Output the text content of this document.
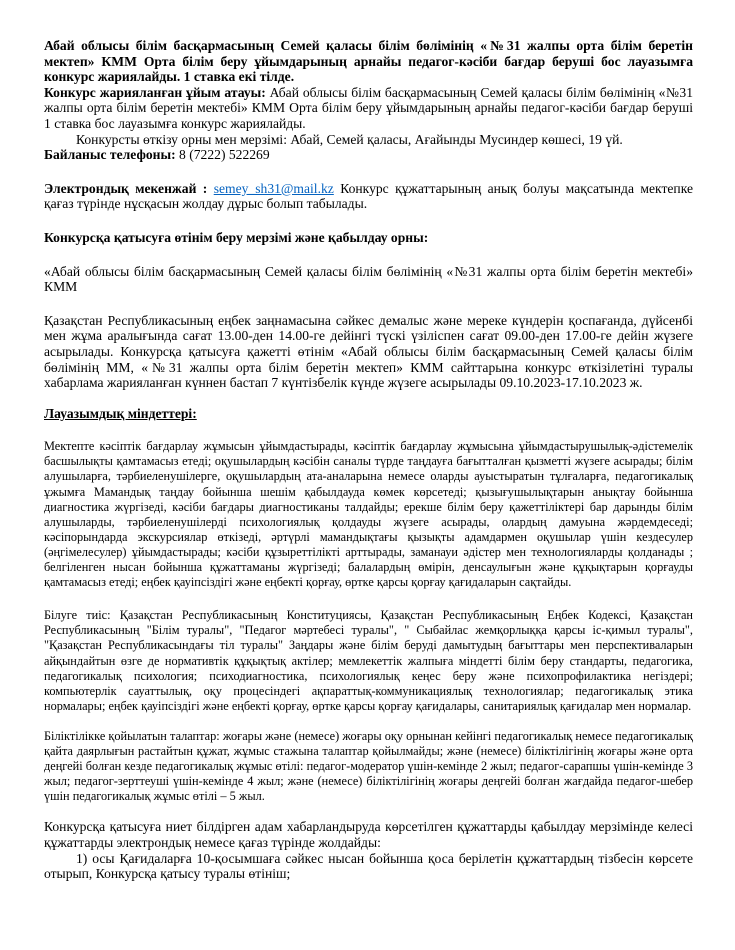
Абай облысы білім басқармасының Семей қаласы білім бөлімінің «№31 жалпы орта білім беретін мектеп» КММ Орта білім беру ұйымдарының арнайы педагог-кәсіби бағдар беруші бос лауазымға конкурс жариялайды. 1 ставка екі тілде.

Конкурс жарияланған ұйым атауы: Абай облысы білім басқармасының Семей қаласы білім бөлімінің «№31 жалпы орта білім беретін мектебі» КММ Орта білім беру ұйымдарының арнайы педагог-кәсіби бағдар беруші 1 ставка бос лауазымға конкурс жариялайды.

Конкурсты өткізу орны мен мерзімі: Абай, Семей қаласы, Ағайынды Мусиндер көшесі, 19 үй.

Байланыс телефоны: 8 (7222) 522269

Электрондық мекенжай : semey_sh31@mail.kz Конкурс құжаттарының анық болуы мақсатында мектепке қағаз түрінде нұсқасын жолдау дұрыс болып табылады.

Конкурсқа қатысуға өтінім беру мерзімі және қабылдау орны:

«Абай облысы білім басқармасының Семей қаласы білім бөлімінің «№31 жалпы орта білім беретін мектебі» КММ

Қазақстан Республикасының еңбек заңнамасына сәйкес демалыс және мереке күндерін қоспағанда, дүйсенбі мен жұма аралығында сағат 13.00-ден 14.00-ге дейінгі түскі үзіліспен сағат 09.00-ден 17.00-ге дейін жүзеге асырылады. Конкурсқа қатысуға қажетті өтінім «Абай облысы білім басқармасының Семей қаласы білім бөлімінің ММ, «№31 жалпы орта білім беретін мектеп» КММ сайттарына конкурс өткізілетіні туралы хабарлама жарияланған күннен бастап 7 күнтізбелік күнде жүзеге асырылады 09.10.2023-17.10.2023 ж.

Лауазымдық міндеттері:

Мектепте кәсіптік бағдарлау жұмысын ұйымдастырады, кәсіптік бағдарлау жұмысына ұйымдастырушылық-әдістемелік басшылықты қамтамасыз етеді; оқушылардың кәсібін саналы түрде таңдауға бағытталған қызметті жүзеге асырады; білім алушыларға, тәрбиеленушілерге, оқушылардың ата-аналарына немесе оларды ауыстыратын тұлғаларға, педагогикалық ұжымға Мамандық таңдау бойынша шешім қабылдауда көмек көрсетеді; қызығушылықтарын анықтау бойынша диагностика жүргізеді, кәсіби бағдары диагностиканы талдайды; ерекше білім беру қажеттіліктері бар дарынды білім алушыларды, тәрбиеленушілерді психологиялық қолдауды жүзеге асырады, олардың дамуына жәрдемдеседі; кәсіпорындарда экскурсиялар өткізеді, әртүрлі мамандықтағы қызықты адамдармен оқушылар үшін кездесулер (әңгімелесулер) ұйымдастырады; кәсіби құзыреттілікті арттырады, заманауи әдістер мен технологияларды қолданады ; белгіленген нысан бойынша құжаттаманы жүргізеді; балалардың өмірін, денсаулығын және құқықтарын қорғауды қамтамасыз етеді; еңбек қауіпсіздігі және еңбекті қорғау, өртке қарсы қорғау қағидаларын сақтайды.

Білуге тиіс: Қазақстан Республикасының Конституциясы, Қазақстан Республикасының Еңбек Кодексі, Қазақстан Республикасының "Білім туралы", "Педагог мәртебесі туралы", " Сыбайлас жемқорлыққа қарсы іс-қимыл туралы", "Қазақстан Республикасындағы тіл туралы" Заңдары және білім беруді дамытудың бағыттары мен перспективаларын айқындайтын өзге де нормативтік құқықтық актілер; мемлекеттік жалпыға міндетті білім беру стандарты, педагогика, педагогикалық психология; психодиагностика, психологиялық кеңес беру және психопрофилактика негіздері; компьютерлік сауаттылық, оқу процесіндегі ақпараттық-коммуникациялық технологиялар; педагогикалық этика нормалары; еңбек қауіпсіздігі және еңбекті қорғау, өртке қарсы қорғау қағидалары, санитариялық қағидалар мен нормалар.

Біліктілікке қойылатын талаптар: жоғары және (немесе) жоғары оқу орнынан кейінгі педагогикалық немесе педагогикалық қайта даярлығын растайтын құжат, жұмыс стажына талаптар қойылмайды; және (немесе) біліктілігінің жоғары және орта деңгейі болған кезде педагогикалық жұмыс өтілі: педагог-модератор үшін-кемінде 2 жыл; педагог-сарапшы үшін-кемінде 3 жыл; педагог-зерттеуші үшін-кемінде 4 жыл; және (немесе) біліктілігінің жоғары деңгейі болған жағдайда педагог-шебер үшін педагогикалық жұмыс өтілі – 5 жыл.

Конкурсқа қатысуға ниет білдірген адам хабарландыруда көрсетілген құжаттарды қабылдау мерзімінде келесі құжаттарды электрондық немесе қағаз түрінде жолдайды:

1) осы Қағидаларға 10-қосымшаға сәйкес нысан бойынша қоса берілетін құжаттардың тізбесін көрсете отырып, Конкурсқа қатысу туралы өтініш;
